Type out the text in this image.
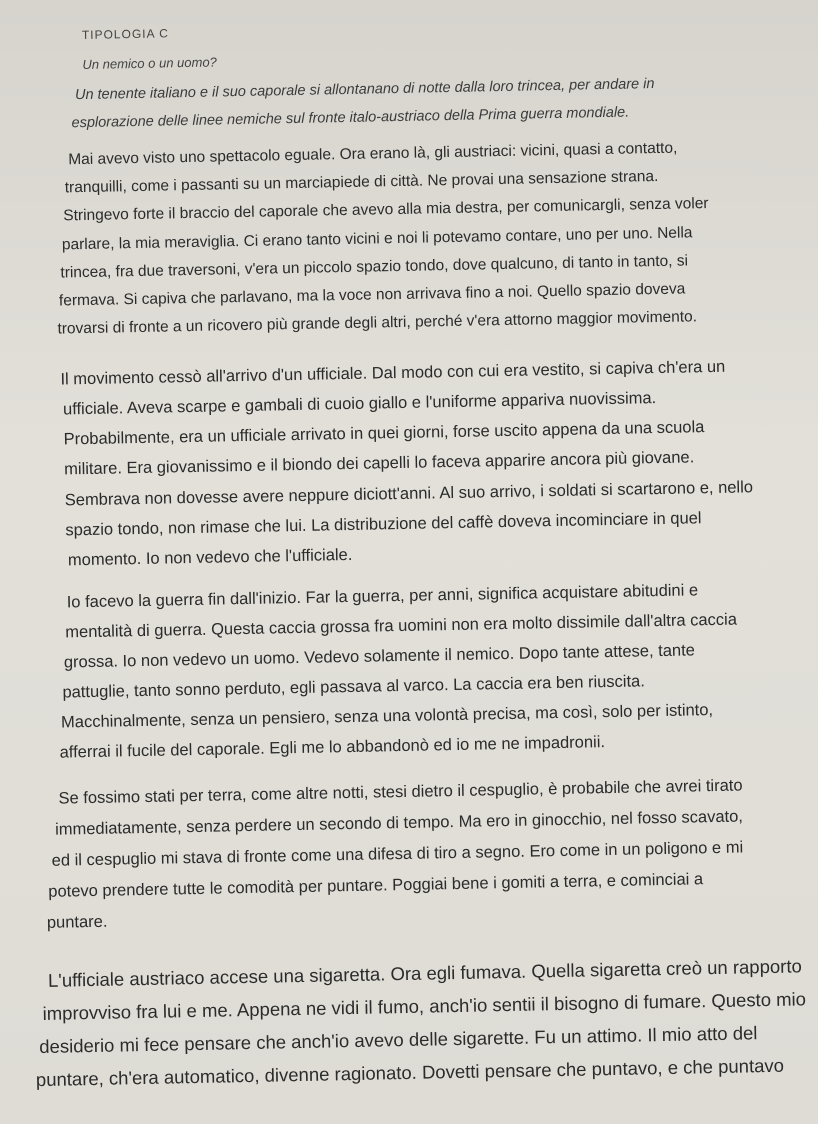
TIPOLOGIA C
Un nemico o un uomo?
Un tenente italiano e il suo caporale si allontanano di notte dalla loro trincea, per andare in
esplorazione delle linee nemiche sul fronte italo-austriaco della Prima guerra mondiale.
Mai avevo visto uno spettacolo eguale. Ora erano là, gli austriaci: vicini, quasi a contatto,
tranquilli, come i passanti su un marciapiede di città. Ne provai una sensazione strana.
Stringevo forte il braccio del caporale che avevo alla mia destra, per comunicargli, senza voler
parlare, la mia meraviglia. Ci erano tanto vicini e noi li potevamo contare, uno per uno. Nella
trincea, fra due traversoni, v'era un piccolo spazio tondo, dove qualcuno, di tanto in tanto, si
fermava. Si capiva che parlavano, ma la voce non arrivava fino a noi. Quello spazio doveva
trovarsi di fronte a un ricovero più grande degli altri, perché v'era attorno maggior movimento.
Il movimento cessò all'arrivo d'un ufficiale. Dal modo con cui era vestito, si capiva ch'era un
ufficiale. Aveva scarpe e gambali di cuoio giallo e l'uniforme appariva nuovissima.
Probabilmente, era un ufficiale arrivato in quei giorni, forse uscito appena da una scuola
militare. Era giovanissimo e il biondo dei capelli lo faceva apparire ancora più giovane.
Sembrava non dovesse avere neppure diciott'anni. Al suo arrivo, i soldati si scartarono e, nello
spazio tondo, non rimase che lui. La distribuzione del caffè doveva incominciare in quel
momento. Io non vedevo che l'ufficiale.
Io facevo la guerra fin dall'inizio. Far la guerra, per anni, significa acquistare abitudini e
mentalità di guerra. Questa caccia grossa fra uomini non era molto dissimile dall'altra caccia
grossa. Io non vedevo un uomo. Vedevo solamente il nemico. Dopo tante attese, tante
pattuglie, tanto sonno perduto, egli passava al varco. La caccia era ben riuscita.
Macchinalmente, senza un pensiero, senza una volontà precisa, ma così, solo per istinto,
afferrai il fucile del caporale. Egli me lo abbandonò ed io me ne impadronii.
Se fossimo stati per terra, come altre notti, stesi dietro il cespuglio, è probabile che avrei tirato
immediatamente, senza perdere un secondo di tempo. Ma ero in ginocchio, nel fosso scavato,
ed il cespuglio mi stava di fronte come una difesa di tiro a segno. Ero come in un poligono e mi
potevo prendere tutte le comodità per puntare. Poggiai bene i gomiti a terra, e cominciai a
puntare.
L'ufficiale austriaco accese una sigaretta. Ora egli fumava. Quella sigaretta creò un rapporto
improvviso fra lui e me. Appena ne vidi il fumo, anch'io sentii il bisogno di fumare. Questo mio
desiderio mi fece pensare che anch'io avevo delle sigarette. Fu un attimo. Il mio atto del
puntare, ch'era automatico, divenne ragionato. Dovetti pensare che puntavo, e che puntavo
